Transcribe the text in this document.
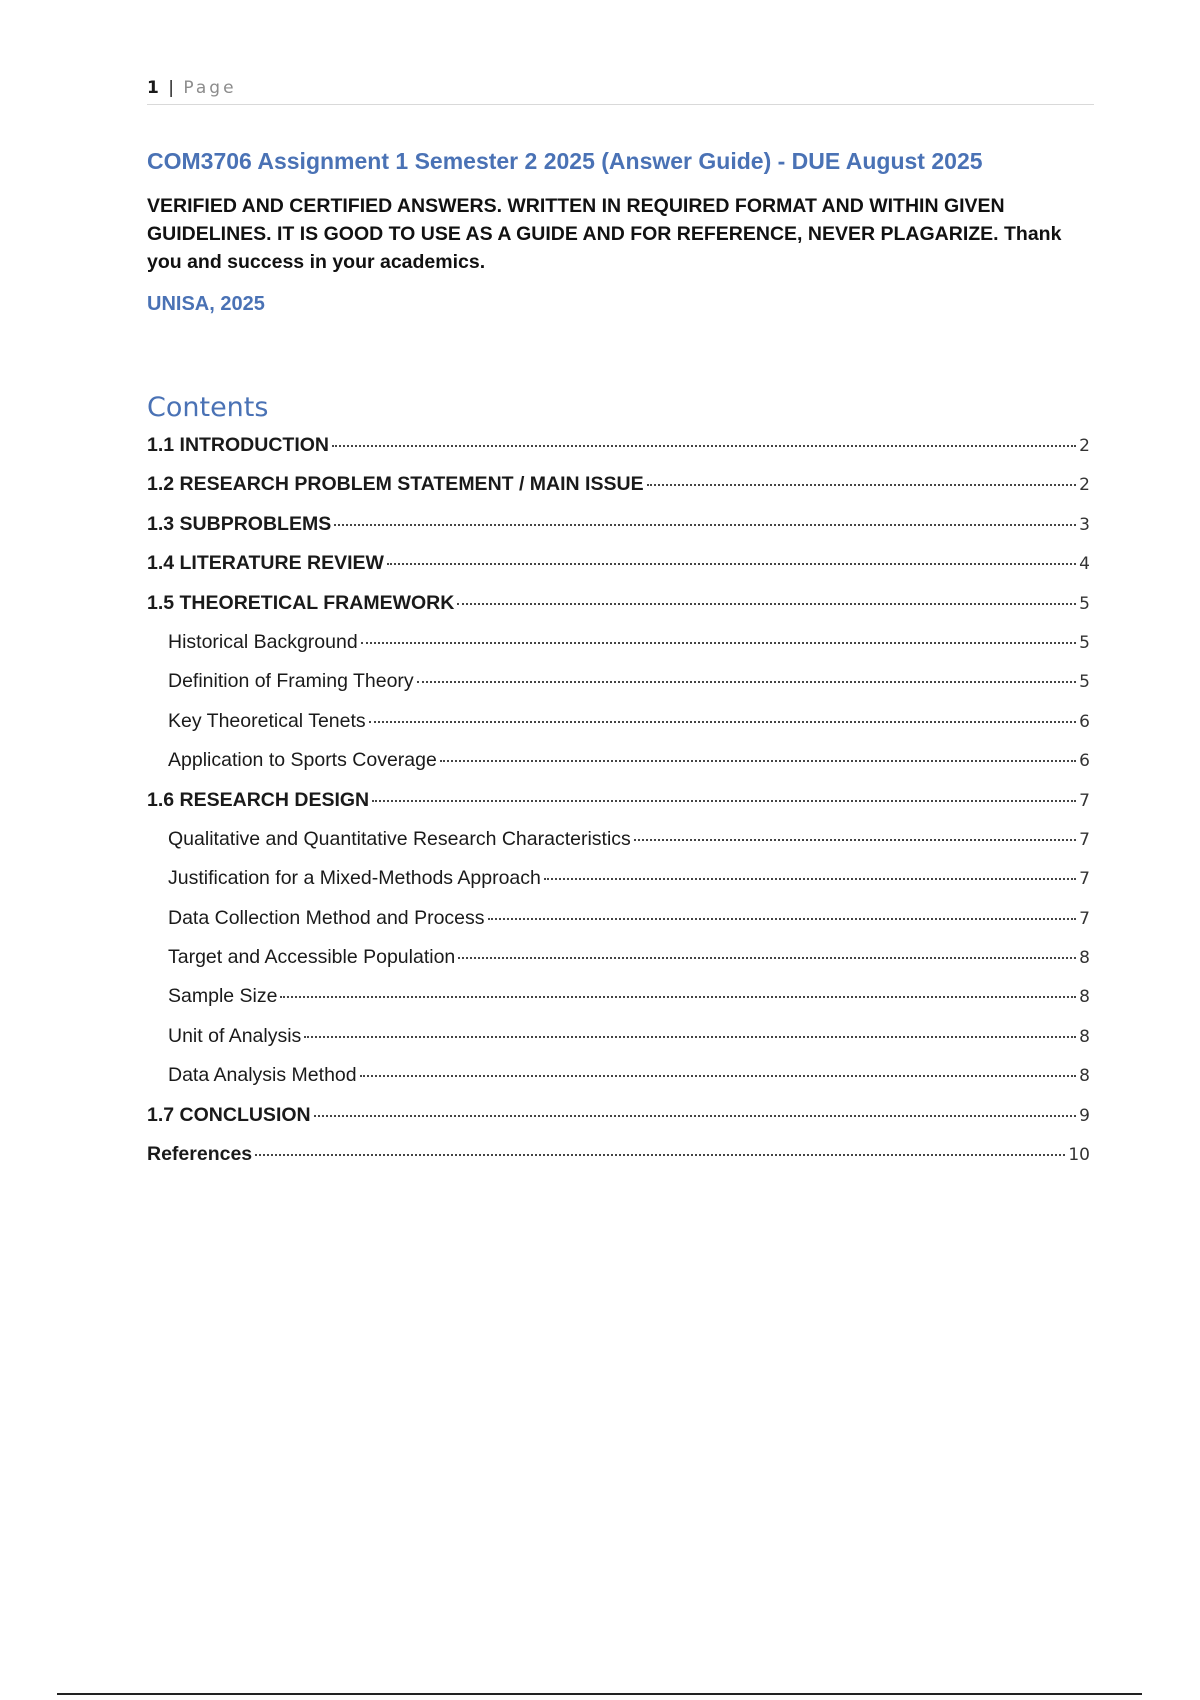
1 | Page
COM3706 Assignment 1 Semester 2 2025 (Answer Guide) - DUE August 2025
VERIFIED AND CERTIFIED ANSWERS. WRITTEN IN REQUIRED FORMAT AND WITHIN GIVEN GUIDELINES. IT IS GOOD TO USE AS A GUIDE AND FOR REFERENCE, NEVER PLAGARIZE. Thank you and success in your academics.
UNISA, 2025
Contents
1.1 INTRODUCTION	2
1.2 RESEARCH PROBLEM STATEMENT / MAIN ISSUE	2
1.3 SUBPROBLEMS	3
1.4 LITERATURE REVIEW	4
1.5 THEORETICAL FRAMEWORK	5
Historical Background	5
Definition of Framing Theory	5
Key Theoretical Tenets	6
Application to Sports Coverage	6
1.6 RESEARCH DESIGN	7
Qualitative and Quantitative Research Characteristics	7
Justification for a Mixed-Methods Approach	7
Data Collection Method and Process	7
Target and Accessible Population	8
Sample Size	8
Unit of Analysis	8
Data Analysis Method	8
1.7 CONCLUSION	9
References	10
